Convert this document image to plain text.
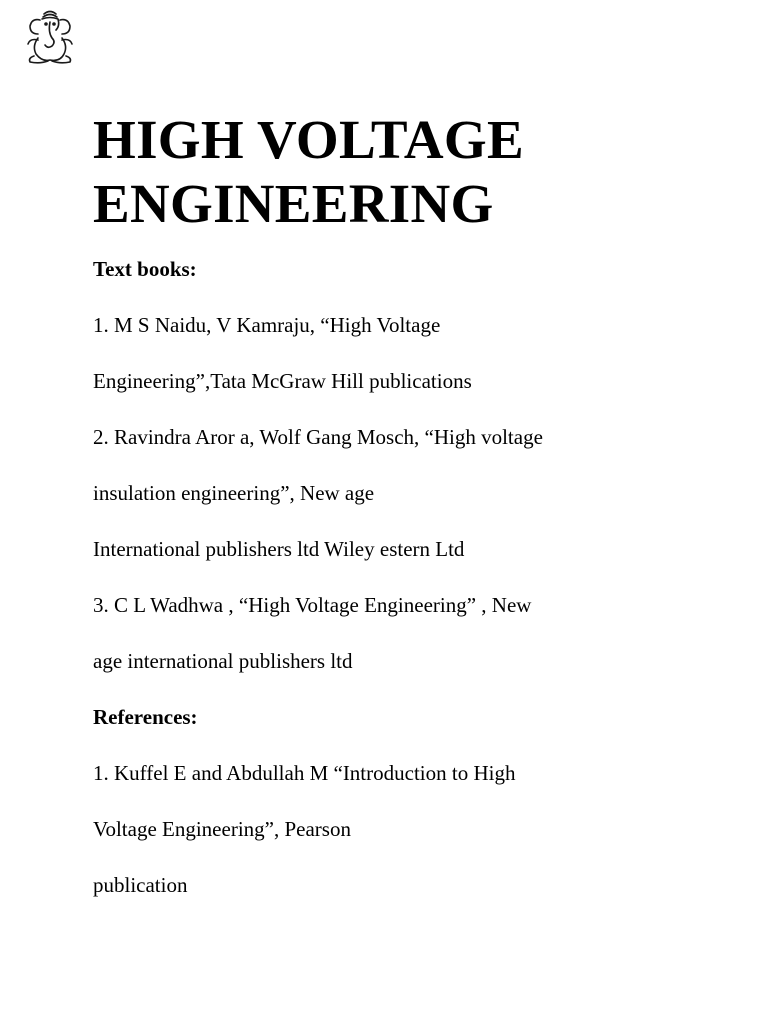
HIGH VOLTAGE
ENGINEERING

Text books:

1. M S Naidu, V Kamraju, “High Voltage

Engineering”,Tata McGraw Hill publications

2. Ravindra Aror a, Wolf Gang Mosch, “High voltage

insulation engineering”, New age

International publishers ltd Wiley estern Ltd

3. C L Wadhwa , “High Voltage Engineering” , New

age international publishers ltd

References:

1. Kuffel E and Abdullah M “Introduction to High

Voltage Engineering”, Pearson

publication
